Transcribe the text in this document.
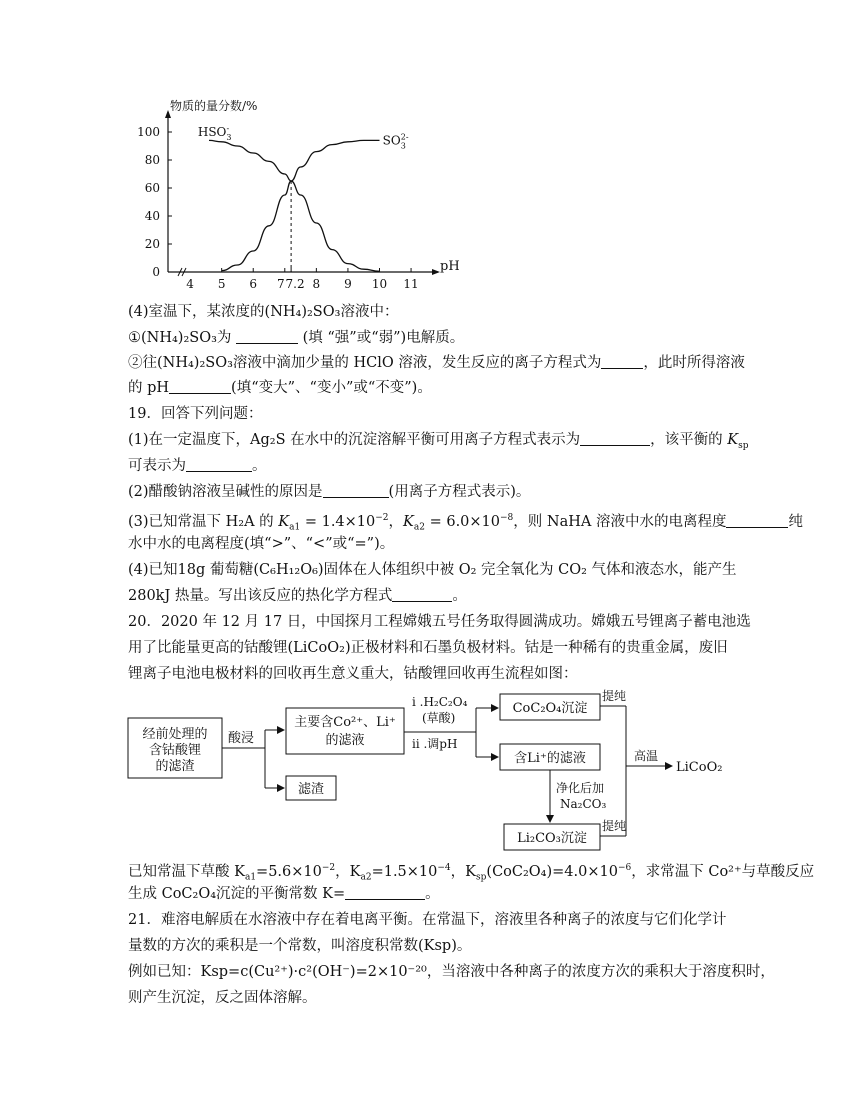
0
20
40
60
80
100
4 5 6 7 7.2 8 9 10 11
物质的量分数/%
pH
$HSO_3-$
$SO_32-$
(4)室温下，某浓度的(NH₄)₂SO₃溶液中：
①(NH₄)₂SO₃为	(填 “强”或“弱”)电解质。
②往(NH₄)₂SO₃溶液中滴加少量的 HClO 溶液，发生反应的离子方程式为	，此时所得溶液
的 pH	(填“变大”、“变小”或“不变”)。
19．回答下列问题：
(1)在一定温度下，Ag₂S 在水中的沉淀溶解平衡可用离子方程式表示为	，该平衡的 $K_{sp}$
可表示为	。
(2)醋酸钠溶液呈碱性的原因是	(用离子方程式表示)。
(3)已知常温下 H₂A 的 $K_{a1} = 1.4\times 10^{-2}$，$K_{a2} = 6.0\times 10^{-8}$，则 NaHA 溶液中水的电离程度	纯
水中水的电离程度(填“>”、“<”或“=”)。
(4)已知18g 葡萄糖(C₆H₁₂O₆)固体在人体组织中被 O₂ 完全氧化为 CO₂ 气体和液态水，能产生
280kJ 热量。写出该反应的热化学方程式	。
20．2020 年 12 月 17 日，中国探月工程嫦娥五号任务取得圆满成功。嫦娥五号锂离子蓄电池选
用了比能量更高的钴酸锂(LiCoO₂)正极材料和石墨负极材料。钴是一种稀有的贵重金属，废旧
锂离子电池电极材料的回收再生意义重大，钴酸锂回收再生流程如图：
经前处理的
含钴酸锂
的滤渣
酸浸
主要含Co²⁺、Li⁺
的滤液
滤渣
ⅰ .H₂C₂O₄
(草酸)
ⅱ .调pH
CoC₂O₄沉淀
含Li⁺的滤液
净化后加
Na₂CO₃
Li₂CO₃沉淀
提纯
提纯
高温
LiCoO₂
已知常温下草酸 $K_{a1}=5.6\times 10^{-2}$，$K_{a2}=1.5\times 10^{-4}$，$K_{sp}(CoC_2O_4)=4.0\times 10^{-6}$，求常温下 Co²⁺与草酸反应
生成 CoC₂O₄沉淀的平衡常数 K=	。
21．难溶电解质在水溶液中存在着电离平衡。在常温下，溶液里各种离子的浓度与它们化学计
量数的方次的乘积是一个常数，叫溶度积常数(Ksp)。
例如已知：Ksp=c(Cu²⁺)·c²(OH⁻)=2×10⁻²⁰，当溶液中各种离子的浓度方次的乘积大于溶度积时，
则产生沉淀，反之固体溶解。
